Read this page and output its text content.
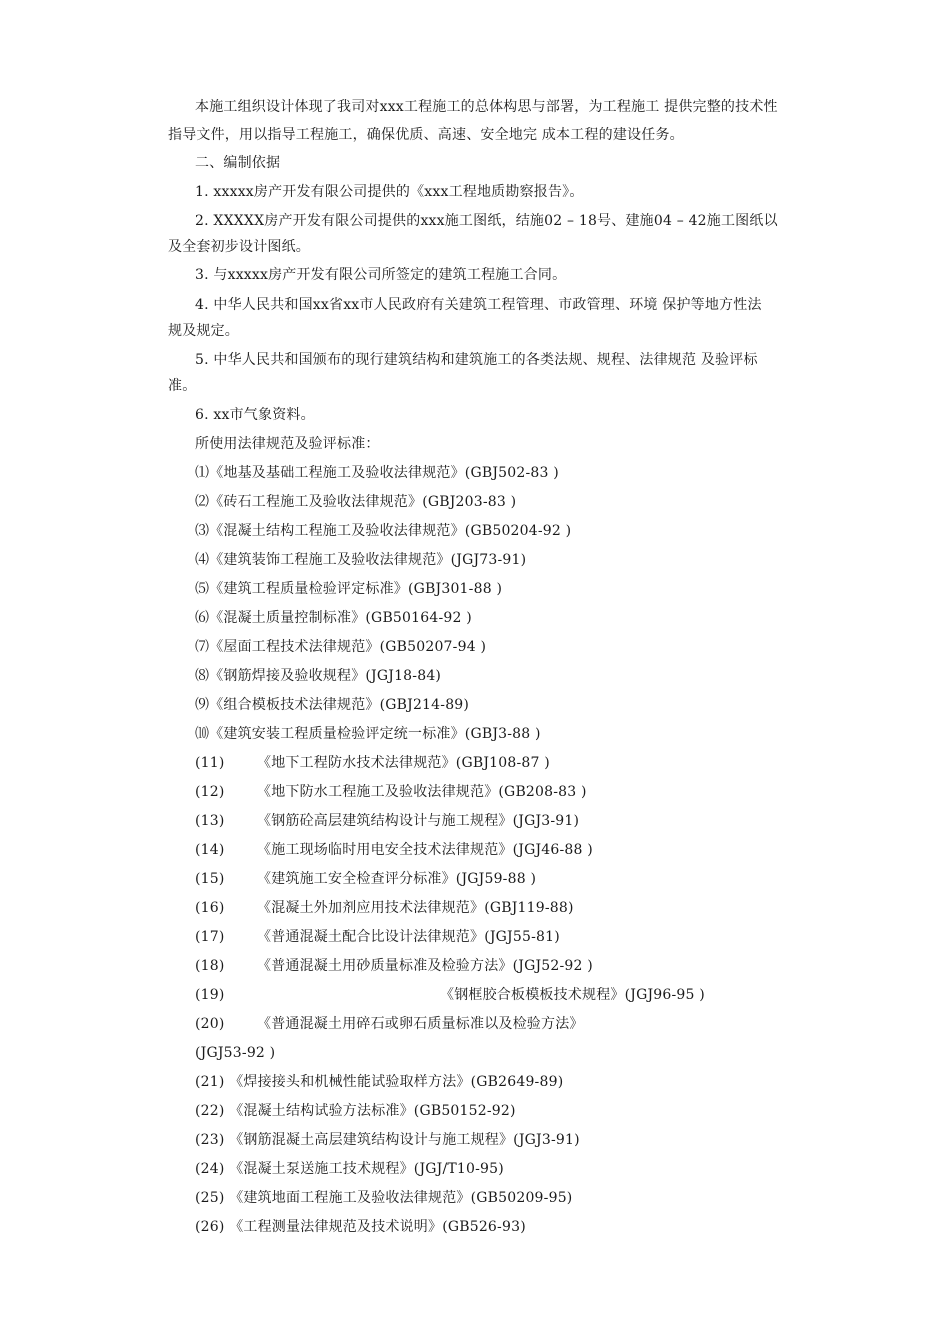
本施工组织设计体现了我司对xxx工程施工的总体构思与部署，为工程施工 提供完整的技术性
指导文件，用以指导工程施工，确保优质、高速、安全地完 成本工程的建设任务。
二、编制依据
1. xxxxx房产开发有限公司提供的《xxx工程地质勘察报告》。
2. XXXXX房产开发有限公司提供的xxx施工图纸，结施02 – 18号、建施04 – 42施工图纸以
及全套初步设计图纸。
3. 与xxxxx房产开发有限公司所签定的建筑工程施工合同。
4. 中华人民共和国xx省xx市人民政府有关建筑工程管理、市政管理、环境 保护等地方性法
规及规定。
5. 中华人民共和国颁布的现行建筑结构和建筑施工的各类法规、规程、法律规范 及验评标
准。
6. xx市气象资料。
所使用法律规范及验评标准：
⑴《地基及基础工程施工及验收法律规范》(GBJ502-83 )
⑵《砖石工程施工及验收法律规范》(GBJ203-83 )
⑶《混凝土结构工程施工及验收法律规范》(GB50204-92 )
⑷《建筑装饰工程施工及验收法律规范》(JGJ73-91)
⑸《建筑工程质量检验评定标准》(GBJ301-88 )
⑹《混凝土质量控制标准》(GB50164-92 )
⑺《屋面工程技术法律规范》(GB50207-94 )
⑻《钢筋焊接及验收规程》(JGJ18-84)
⑼《组合模板技术法律规范》(GBJ214-89)
⑽《建筑安装工程质量检验评定统一标准》(GBJ3-88 )
(11) 《地下工程防水技术法律规范》(GBJ108-87 )
(12) 《地下防水工程施工及验收法律规范》(GB208-83 )
(13) 《钢筋砼高层建筑结构设计与施工规程》(JGJ3-91)
(14) 《施工现场临时用电安全技术法律规范》(JGJ46-88 )
(15) 《建筑施工安全检查评分标准》(JGJ59-88 )
(16) 《混凝土外加剂应用技术法律规范》(GBJ119-88)
(17) 《普通混凝土配合比设计法律规范》(JGJ55-81)
(18) 《普通混凝土用砂质量标准及检验方法》(JGJ52-92 )
(19)	《钢框胶合板模板技术规程》(JGJ96-95 )
(20) 《普通混凝土用碎石或卵石质量标准以及检验方法》
(JGJ53-92 )
(21) 《焊接接头和机械性能试验取样方法》(GB2649-89)
(22) 《混凝土结构试验方法标准》(GB50152-92)
(23) 《钢筋混凝土高层建筑结构设计与施工规程》(JGJ3-91)
(24) 《混凝土泵送施工技术规程》(JGJ/T10-95)
(25) 《建筑地面工程施工及验收法律规范》(GB50209-95)
(26) 《工程测量法律规范及技术说明》(GB526-93)
